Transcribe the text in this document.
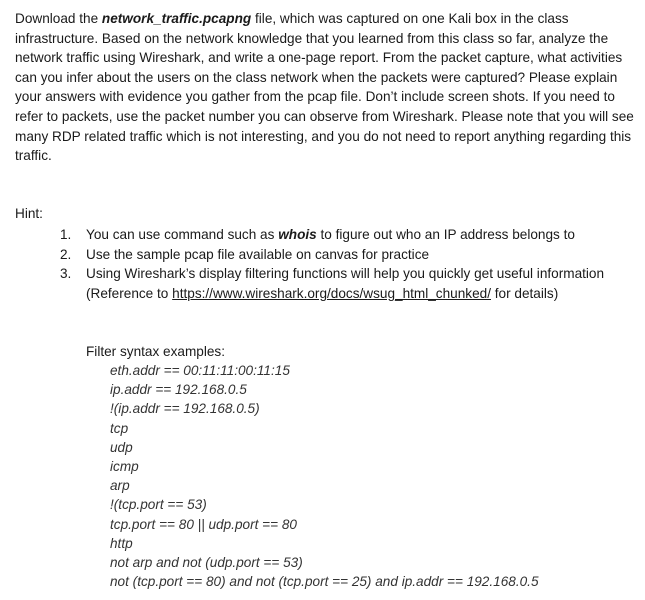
Download the network_traffic.pcapng file, which was captured on one Kali box in the class infrastructure. Based on the network knowledge that you learned from this class so far, analyze the network traffic using Wireshark, and write a one-page report. From the packet capture, what activities can you infer about the users on the class network when the packets were captured? Please explain your answers with evidence you gather from the pcap file. Don’t include screen shots. If you need to refer to packets, use the packet number you can observe from Wireshark. Please note that you will see many RDP related traffic which is not interesting, and you do not need to report anything regarding this traffic.

Hint:

1. You can use command such as whois to figure out who an IP address belongs to
2. Use the sample pcap file available on canvas for practice
3. Using Wireshark’s display filtering functions will help you quickly get useful information (Reference to https://www.wireshark.org/docs/wsug_html_chunked/ for details)

Filter syntax examples:

eth.addr == 00:11:11:00:11:15
ip.addr == 192.168.0.5
!(ip.addr == 192.168.0.5)
tcp
udp
icmp
arp
!(tcp.port == 53)
tcp.port == 80 || udp.port == 80
http
not arp and not (udp.port == 53)
not (tcp.port == 80) and not (tcp.port == 25) and ip.addr == 192.168.0.5
